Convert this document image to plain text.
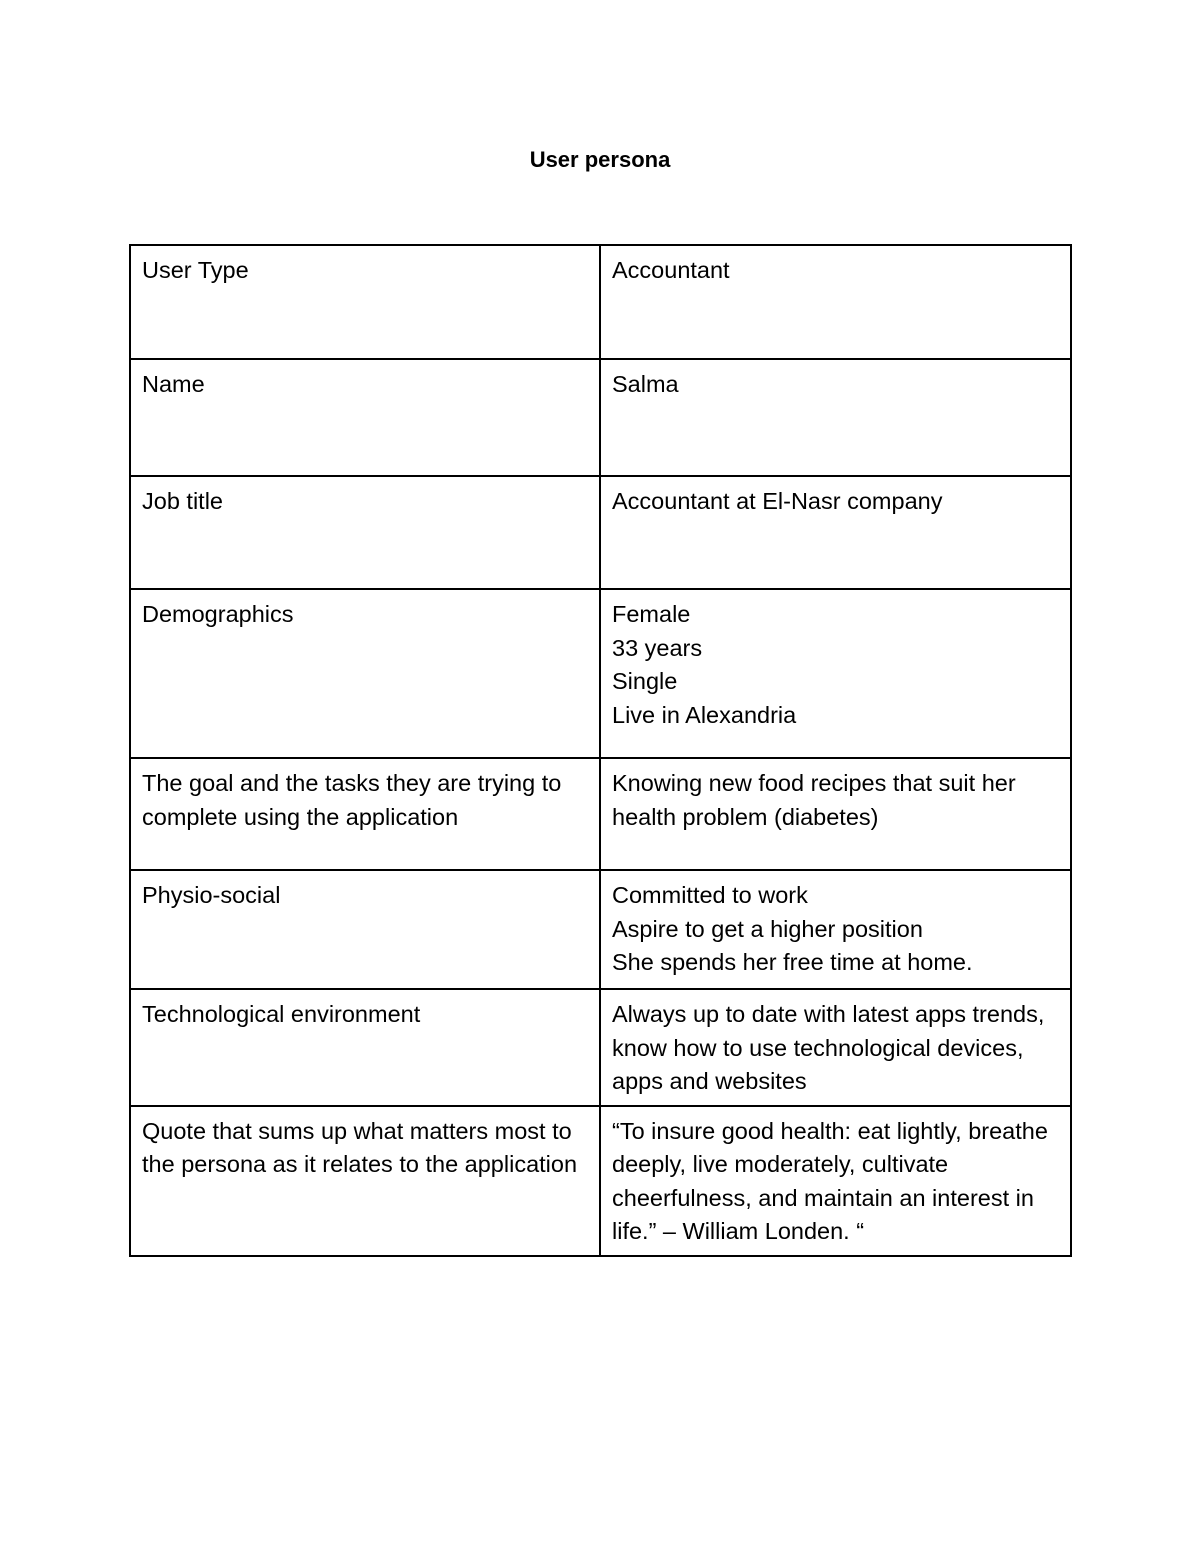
User persona
User Type	Accountant

Name	Salma

Job title	Accountant at El-Nasr company

Demographics	Female
33 years
Single
Live in Alexandria

The goal and the tasks they are trying to complete using the application	Knowing new food recipes that suit her health problem (diabetes)

Physio-social	Committed to work
Aspire to get a higher position
She spends her free time at home.

Technological environment	Always up to date with latest apps trends, know how to use technological devices, apps and websites

Quote that sums up what matters most to the persona as it relates to the application	“To insure good health: eat lightly, breathe deeply, live moderately, cultivate cheerfulness, and maintain an interest in life.” – William Londen. “
